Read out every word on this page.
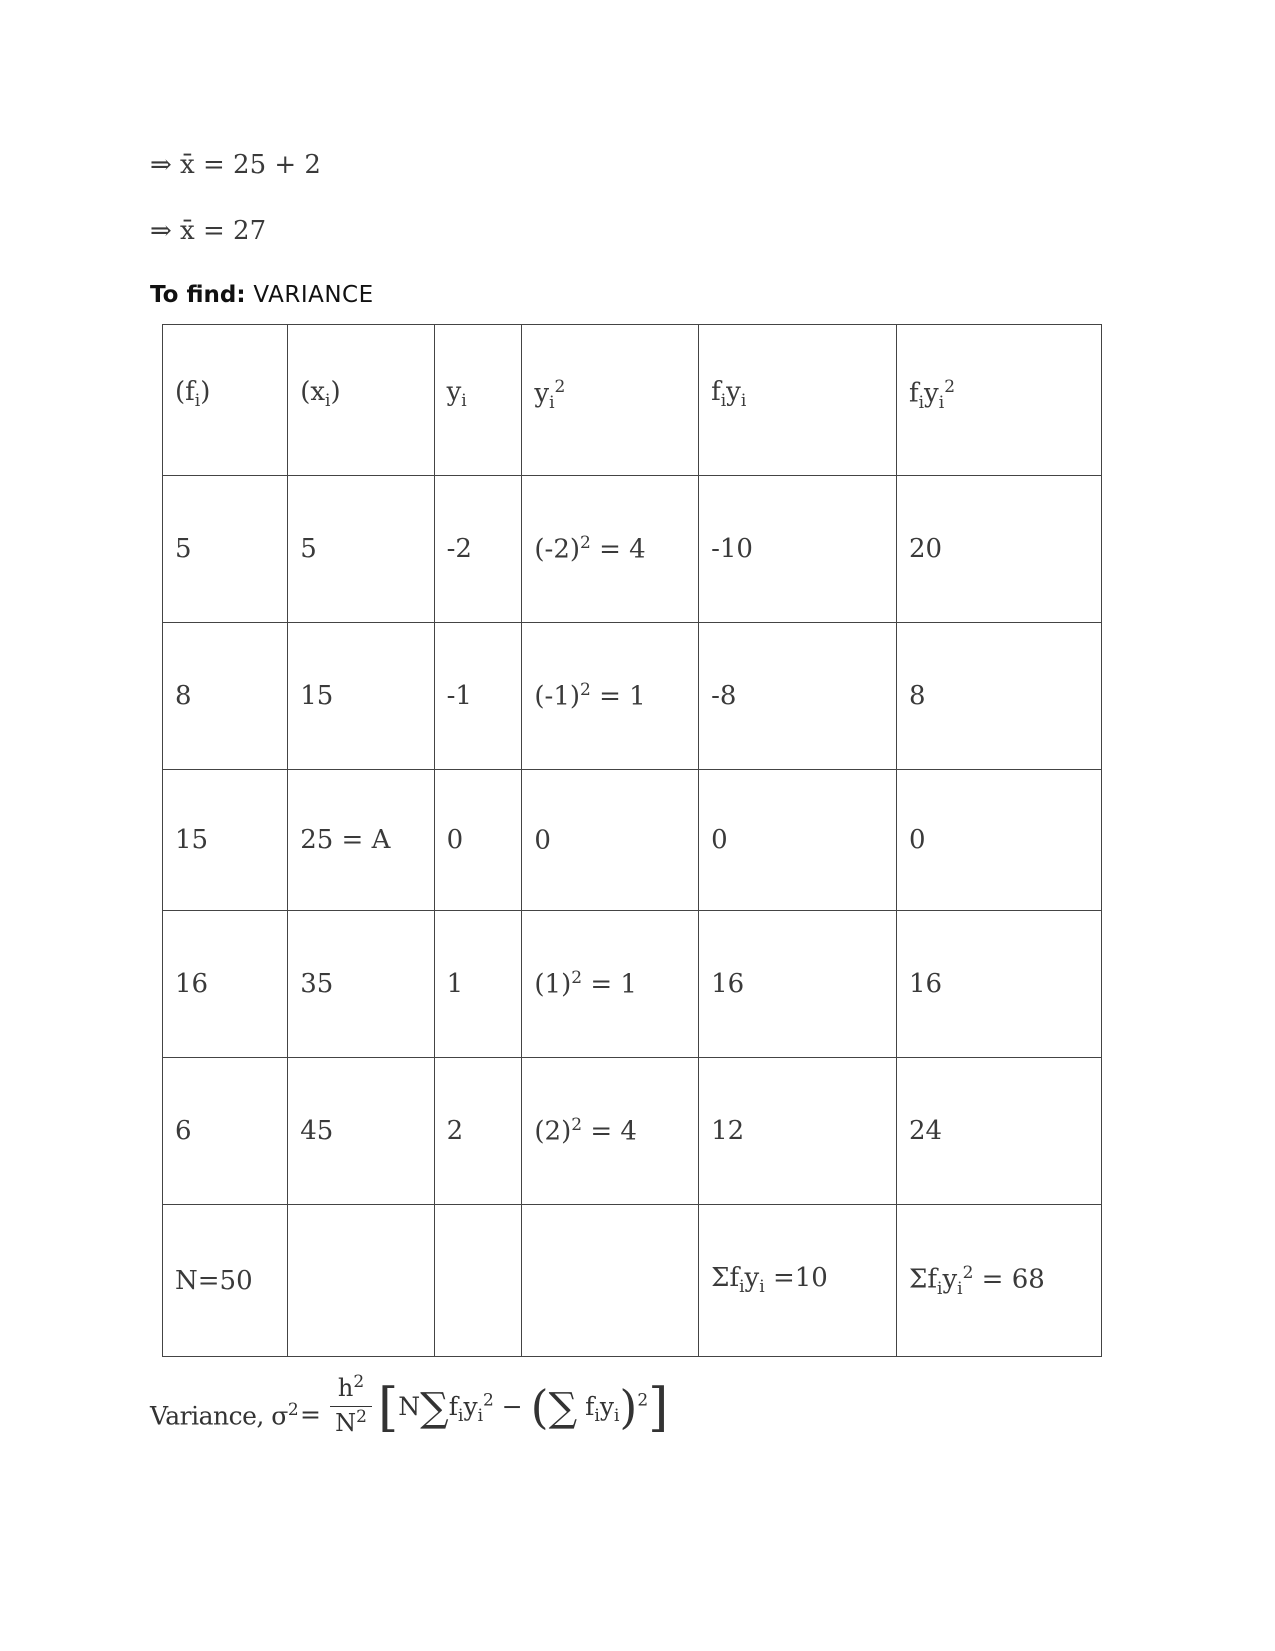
⇒ x̄ = 25 + 2
⇒ x̄ = 27
To find: VARIANCE
$(f_i)$	$(x_i)$	$y_i$	$y_i^2$	$f_iy_i$	$f_iy_i^2$
5	5	-2	$(-2)^2 = 4$	-10	20
8	15	-1	$(-1)^2 = 1$	-8	8
15	25 = A	0	0	0	0
16	35	1	$(1)^2 = 1$	16	16
6	45	2	$(2)^2 = 4$	12	24
N=50				$\Sigma f_iy_i =10$	$\Sigma f_iy_i^2 = 68$
Variance, $\sigma^2$ =
$h^2$
$N^2$ [$N\sum f_iy_i^2$ − (∑ $f_iy_i)^2$]
